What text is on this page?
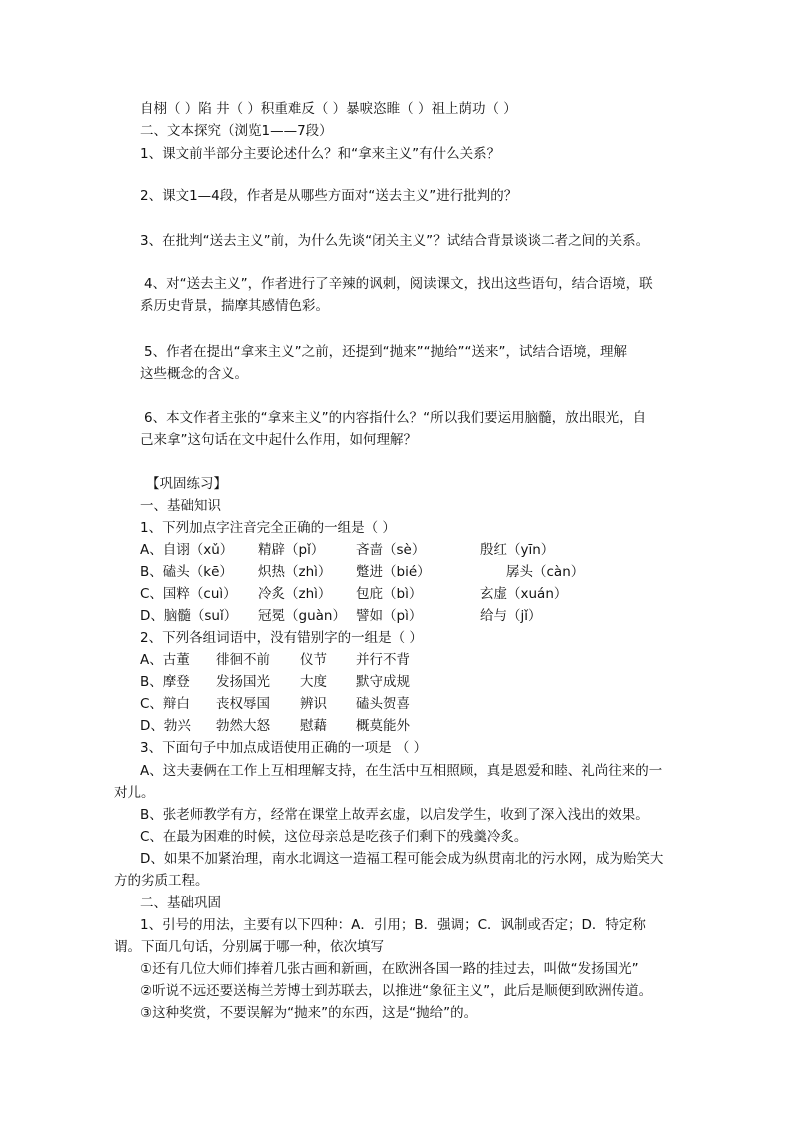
自栩（ ）陷 井（ ）积重难反（ ）暴唳恣睢（ ）祖上荫功（ ）
二、文本探究（浏览1——7段）
1、课文前半部分主要论述什么？和“拿来主义”有什么关系？
2、课文1—4段，作者是从哪些方面对“送去主义”进行批判的？
3、在批判“送去主义”前，为什么先谈“闭关主义”？试结合背景谈谈二者之间的关系。
4、对“送去主义”，作者进行了辛辣的讽刺，阅读课文，找出这些语句，结合语境，联
系历史背景，揣摩其感情色彩。
5、作者在提出“拿来主义”之前，还提到“抛来”“抛给”“送来”，试结合语境，理解
这些概念的含义。
6、本文作者主张的“拿来主义”的内容指什么？“所以我们要运用脑髓，放出眼光，自
己来拿”这句话在文中起什么作用，如何理解？
【巩固练习】
一、基础知识
1、下列加点字注音完全正确的一组是（ ）
A、自诩（xǔ） 精辟（pǐ） 吝啬（sè）	殷红（yīn）
B、磕头（kē） 炽热（zhì） 蹩进（bié）	孱头（càn）
C、国粹（cuì） 冷炙（zhì） 包庇（bì）	玄虚（xuán）
D、脑髓（suǐ） 冠冕（guàn） 譬如（pì）	给与（jǐ）
2、下列各组词语中，没有错别字的一组是（ ）
A、古董 徘徊不前 仪节 并行不背
B、摩登 发扬国光 大度 默守成规
C、辩白 丧权辱国 辨识 磕头贺喜
D、勃兴 勃然大怒 慰藉 概莫能外
3、下面句子中加点成语使用正确的一项是 （ ）
A、这夫妻俩在工作上互相理解支持，在生活中互相照顾，真是恩爱和睦、礼尚往来的一
对儿。
B、张老师教学有方，经常在课堂上故弄玄虚，以启发学生，收到了深入浅出的效果。
C、在最为困难的时候，这位母亲总是吃孩子们剩下的残羹冷炙。
D、如果不加紧治理，南水北调这一造福工程可能会成为纵贯南北的污水网，成为贻笑大
方的劣质工程。
二、基础巩固
1、引号的用法，主要有以下四种：A．引用；B．强调；C．讽制或否定；D．特定称
谓。下面几句话，分别属于哪一种，依次填写
①还有几位大师们捧着几张古画和新画，在欧洲各国一路的挂过去，叫做“发扬国光”
②听说不远还要送梅兰芳博士到苏联去，以推进“象征主义”，此后是顺便到欧洲传道。
③这种奖赏，不要误解为“抛来”的东西，这是“抛给”的。
